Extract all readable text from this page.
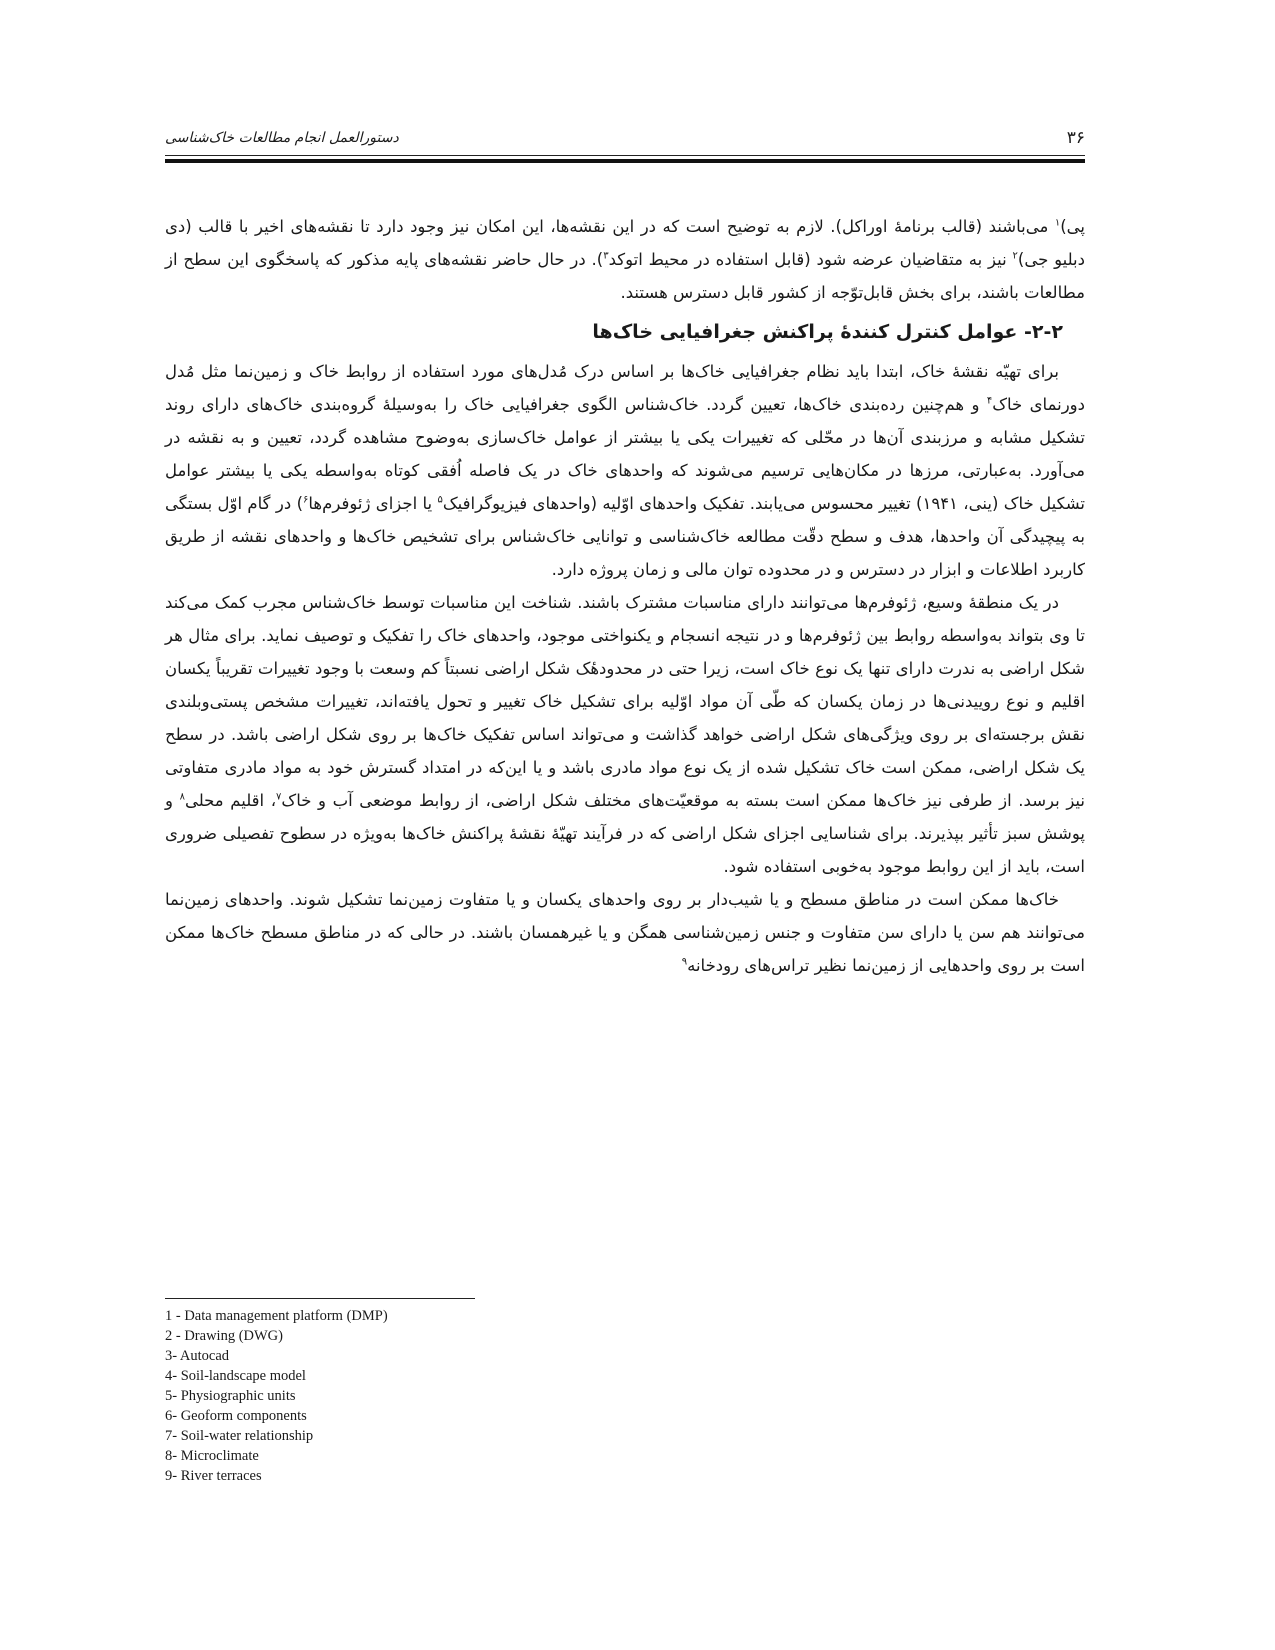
۳۶
دستورالعمل انجام مطالعات خاک‌شناسی

پی)$^۱$ می‌باشند (قالب برنامهٔ اوراکل). لازم به توضیح است که در این نقشه‌ها، این امکان نیز وجود دارد تا نقشه‌های اخیر با قالب (دی دبلیو جی)$^۲$ نیز به متقاضیان عرضه شود (قابل استفاده در محیط اتوکد$^۳$). در حال حاضر نقشه‌های پایه مذکور که پاسخگوی این سطح از مطالعات باشند، برای بخش قابل‌توّجه از کشور قابل دسترس هستند.

۲-۲- عوامل کنترل کنندهٔ پراکنش جغرافیایی خاک‌ها

برای تهیّه نقشهٔ خاک، ابتدا باید نظام جغرافیایی خاک‌ها بر اساس درک مُدل‌های مورد استفاده از روابط خاک و زمین‌نما مثل مُدل دورنمای خاک$^۴$ و هم‌چنین رده‌بندی خاک‌ها، تعیین گردد. خاک‌شناس الگوی جغرافیایی خاک را به‌وسیلهٔ گروه‌بندی خاک‌های دارای روند تشکیل مشابه و مرزبندی آن‌ها در محّلی که تغییرات یکی یا بیشتر از عوامل خاک‌سازی به‌وضوح مشاهده گردد، تعیین و به نقشه در می‌آورد. به‌عبارتی، مرزها در مکان‌هایی ترسیم می‌شوند که واحدهای خاک در یک فاصله اُفقی کوتاه به‌واسطه یکی یا بیشتر عوامل تشکیل خاک (ینی، ۱۹۴۱) تغییر محسوس می‌یابند. تفکیک واحدهای اوّلیه (واحدهای فیزیوگرافیک$^۵$ یا اجزای ژئوفرم‌ها$^۶$) در گام اوّل بستگی به پیچیدگی آن واحدها، هدف و سطح دقّت مطالعه خاک‌شناسی و توانایی خاک‌شناس برای تشخیص خاک‌ها و واحدهای نقشه از طریق کاربرد اطلاعات و ابزار در دسترس و در محدوده توان مالی و زمان پروژه دارد.

در یک منطقهٔ وسیع، ژئوفرم‌ها می‌توانند دارای مناسبات مشترک باشند. شناخت این مناسبات توسط خاک‌شناس مجرب کمک می‌کند تا وی بتواند به‌واسطه روابط بین ژئوفرم‌ها و در نتیجه انسجام و یکنواختی موجود، واحدهای خاک را تفکیک و توصیف نماید. برای مثال هر شکل اراضی به ندرت دارای تنها یک نوع خاک است، زیرا حتی در محدودهٔک شکل اراضی نسبتاً کم وسعت با وجود تغییرات تقریباً یکسان اقلیم و نوع روییدنی‌ها در زمان یکسان که طّی آن مواد اوّلیه برای تشکیل خاک تغییر و تحول یافته‌اند، تغییرات مشخص پستی‌وبلندی نقش برجسته‌ای بر روی ویژگی‌های شکل اراضی خواهد گذاشت و می‌تواند اساس تفکیک خاک‌ها بر روی شکل اراضی باشد. در سطح یک شکل اراضی، ممکن است خاک تشکیل شده از یک نوع مواد مادری باشد و یا این‌که در امتداد گسترش خود به مواد مادری متفاوتی نیز برسد. از طرفی نیز خاک‌ها ممکن است بسته به موقعیّت‌های مختلف شکل اراضی، از روابط موضعی آب و خاک$^۷$، اقلیم محلی$^۸$ و پوشش سبز تأثیر بپذیرند. برای شناسایی اجزای شکل اراضی که در فرآیند تهیّهٔ نقشهٔ پراکنش خاک‌ها به‌ویژه در سطوح تفصیلی ضروری است، باید از این روابط موجود به‌خوبی استفاده شود.

خاک‌ها ممکن است در مناطق مسطح و یا شیب‌دار بر روی واحدهای یکسان و یا متفاوت زمین‌نما تشکیل شوند. واحدهای زمین‌نما می‌توانند هم سن یا دارای سن متفاوت و جنس زمین‌شناسی همگن و یا غیرهمسان باشند. در حالی که در مناطق مسطح خاک‌ها ممکن است بر روی واحدهایی از زمین‌نما نظیر تراس‌های رودخانه$^۹$

1 - Data management platform (DMP)
2 - Drawing (DWG)
3- Autocad
4- Soil-landscape model
5- Physiographic units
6- Geoform components
7- Soil-water relationship
8- Microclimate
9- River terraces
